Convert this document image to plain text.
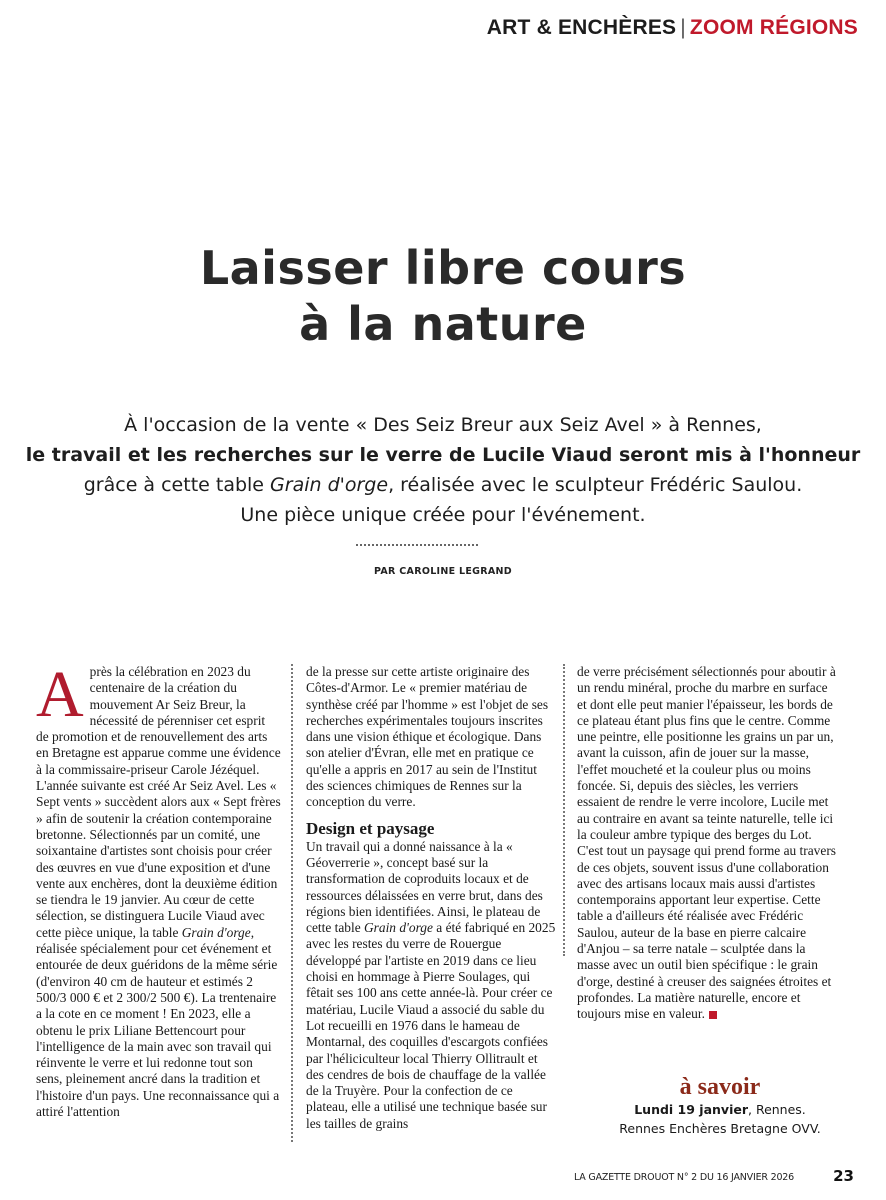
ART & ENCHÈRES | ZOOM RÉGIONS
Laisser libre cours
à la nature
À l'occasion de la vente « Des Seiz Breur aux Seiz Avel » à Rennes,
le travail et les recherches sur le verre de Lucile Viaud seront mis à l'honneur
grâce à cette table Grain d'orge, réalisée avec le sculpteur Frédéric Saulou.
Une pièce unique créée pour l'événement.
PAR CAROLINE LEGRAND

Après la célébration en 2023 du centenaire de la création du mouvement Ar Seiz Breur, la nécessité de pérenniser cet esprit de promotion et de renouvellement des arts en Bretagne est apparue comme une évidence à la commissaire-priseur Carole Jézéquel. L'année suivante est créé Ar Seiz Avel. Les « Sept vents » succèdent alors aux « Sept frères » afin de soutenir la création contemporaine bretonne. Sélectionnés par un comité, une soixantaine d'artistes sont choisis pour créer des œuvres en vue d'une exposition et d'une vente aux enchères, dont la deuxième édition se tiendra le 19 janvier. Au cœur de cette sélection, se distinguera Lucile Viaud avec cette pièce unique, la table Grain d'orge, réalisée spécialement pour cet événement et entourée de deux guéridons de la même série (d'environ 40 cm de hauteur et estimés 2 500/3 000 € et 2 300/2 500 €). La trentenaire a la cote en ce moment ! En 2023, elle a obtenu le prix Liliane Bettencourt pour l'intelligence de la main avec son travail qui réinvente le verre et lui redonne tout son sens, pleinement ancré dans la tradition et l'histoire d'un pays. Une reconnaissance qui a attiré l'attention

de la presse sur cette artiste originaire des Côtes-d'Armor. Le « premier matériau de synthèse créé par l'homme » est l'objet de ses recherches expérimentales toujours inscrites dans une vision éthique et écologique. Dans son atelier d'Évran, elle met en pratique ce qu'elle a appris en 2017 au sein de l'Institut des sciences chimiques de Rennes sur la conception du verre.

Design et paysage

Un travail qui a donné naissance à la « Géoverrerie », concept basé sur la transformation de coproduits locaux et de ressources délaissées en verre brut, dans des régions bien identifiées. Ainsi, le plateau de cette table Grain d'orge a été fabriqué en 2025 avec les restes du verre de Rouergue développé par l'artiste en 2019 dans ce lieu choisi en hommage à Pierre Soulages, qui fêtait ses 100 ans cette année-là. Pour créer ce matériau, Lucile Viaud a associé du sable du Lot recueilli en 1976 dans le hameau de Montarnal, des coquilles d'escargots confiées par l'héliciculteur local Thierry Ollitrault et des cendres de bois de chauffage de la vallée de la Truyère. Pour la confection de ce plateau, elle a utilisé une technique basée sur les tailles de grains

de verre précisément sélectionnés pour aboutir à un rendu minéral, proche du marbre en surface et dont elle peut manier l'épaisseur, les bords de ce plateau étant plus fins que le centre. Comme une peintre, elle positionne les grains un par un, avant la cuisson, afin de jouer sur la masse, l'effet moucheté et la couleur plus ou moins foncée. Si, depuis des siècles, les verriers essaient de rendre le verre incolore, Lucile met au contraire en avant sa teinte naturelle, telle ici la couleur ambre typique des berges du Lot. C'est tout un paysage qui prend forme au travers de ces objets, souvent issus d'une collaboration avec des artisans locaux mais aussi d'artistes contemporains apportant leur expertise. Cette table a d'ailleurs été réalisée avec Frédéric Saulou, auteur de la base en pierre calcaire d'Anjou – sa terre natale – sculptée dans la masse avec un outil bien spécifique : le grain d'orge, destiné à creuser des saignées étroites et profondes. La matière naturelle, encore et toujours mise en valeur.

à savoir
Lundi 19 janvier, Rennes.
Rennes Enchères Bretagne OVV.
LA GAZETTE DROUOT N° 2 DU 16 JANVIER 2026	23
